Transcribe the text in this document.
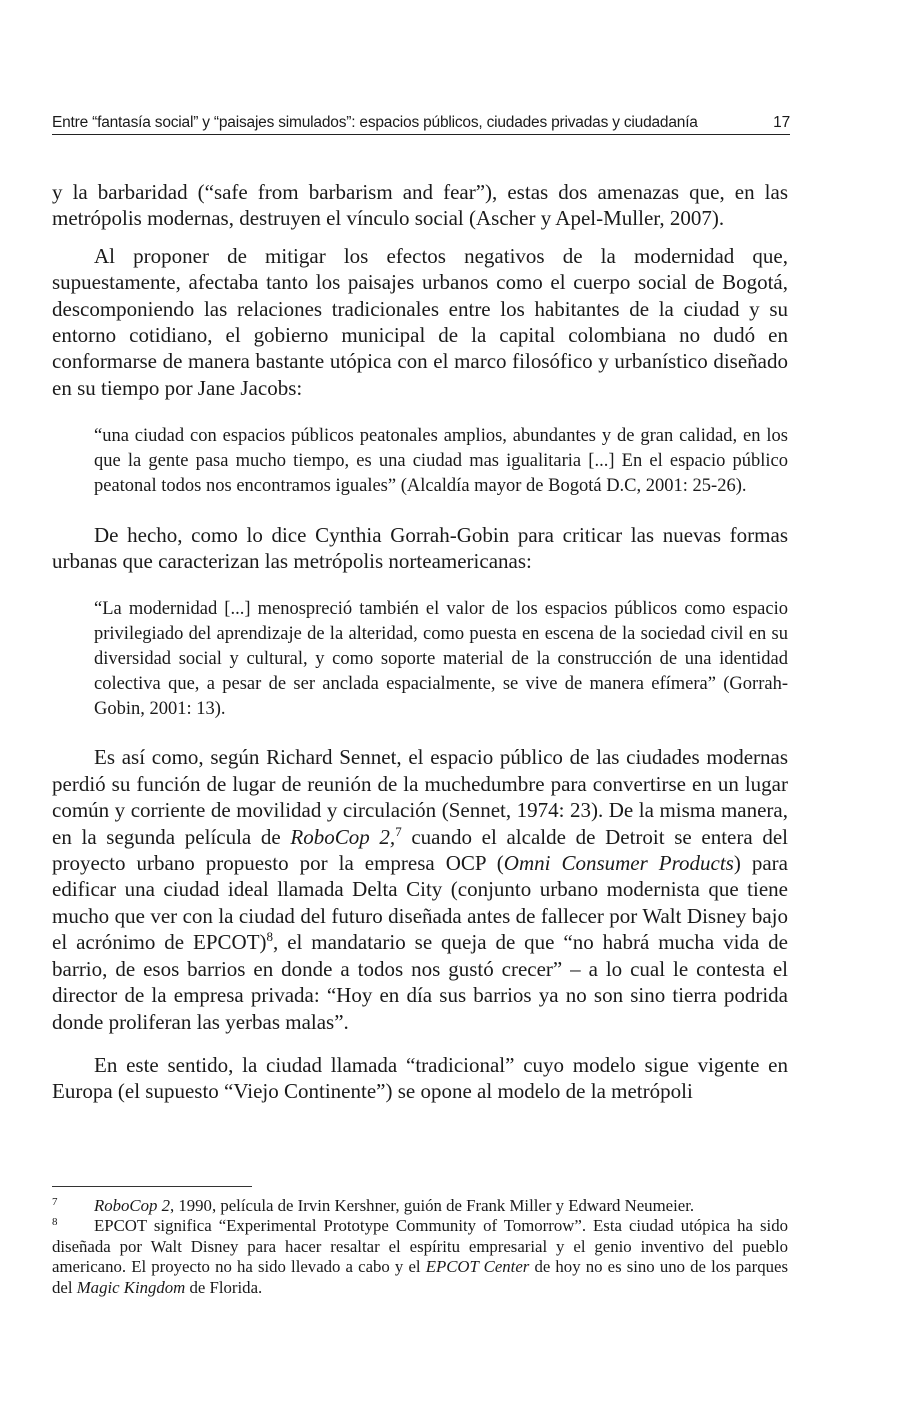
Entre “fantasía social” y “paisajes simulados”: espacios públicos, ciudades privadas y ciudadanía	17

y la barbaridad (“safe from barbarism and fear”), estas dos amenazas que, en las metrópolis modernas, destruyen el vínculo social (Ascher y Apel-Muller, 2007).

Al proponer de mitigar los efectos negativos de la modernidad que, supuestamente, afectaba tanto los paisajes urbanos como el cuerpo social de Bogotá, descomponiendo las relaciones tradicionales entre los habitantes de la ciudad y su entorno cotidiano, el gobierno municipal de la capital colombiana no dudó en conformarse de manera bastante utópica con el marco filosófico y urbanístico diseñado en su tiempo por Jane Jacobs:

“una ciudad con espacios públicos peatonales amplios, abundantes y de gran calidad, en los que la gente pasa mucho tiempo, es una ciudad mas igualitaria [...] En el espacio público peatonal todos nos encontramos iguales” (Alcaldía mayor de Bogotá D.C, 2001: 25-26).

De hecho, como lo dice Cynthia Gorrah-Gobin para criticar las nuevas formas urbanas que caracterizan las metrópolis norteamericanas:

“La modernidad [...] menospreció también el valor de los espacios públicos como espacio privilegiado del aprendizaje de la alteridad, como puesta en escena de la sociedad civil en su diversidad social y cultural, y como soporte material de la construcción de una identidad colectiva que, a pesar de ser anclada espacialmente, se vive de manera efímera” (Gorrah-Gobin, 2001: 13).

Es así como, según Richard Sennet, el espacio público de las ciudades modernas perdió su función de lugar de reunión de la muchedumbre para convertirse en un lugar común y corriente de movilidad y circulación (Sennet, 1974: 23). De la misma manera, en la segunda película de RoboCop 2,$^7$ cuando el alcalde de Detroit se entera del proyecto urbano propuesto por la empresa OCP (Omni Consumer Products) para edificar una ciudad ideal llamada Delta City (conjunto urbano modernista que tiene mucho que ver con la ciudad del futuro diseñada antes de fallecer por Walt Disney bajo el acrónimo de EPCOT)$^8$, el mandatario se queja de que “no habrá mucha vida de barrio, de esos barrios en donde a todos nos gustó crecer” – a lo cual le contesta el director de la empresa privada: “Hoy en día sus barrios ya no son sino tierra podrida donde proliferan las yerbas malas”.

En este sentido, la ciudad llamada “tradicional” cuyo modelo sigue vigente en Europa (el supuesto “Viejo Continente”) se opone al modelo de la metrópoli

7 RoboCop 2, 1990, película de Irvin Kershner, guión de Frank Miller y Edward Neumeier.

8 EPCOT significa “Experimental Prototype Community of Tomorrow”. Esta ciudad utópica ha sido diseñada por Walt Disney para hacer resaltar el espíritu empresarial y el genio inventivo del pueblo americano. El proyecto no ha sido llevado a cabo y el EPCOT Center de hoy no es sino uno de los parques del Magic Kingdom de Florida.
